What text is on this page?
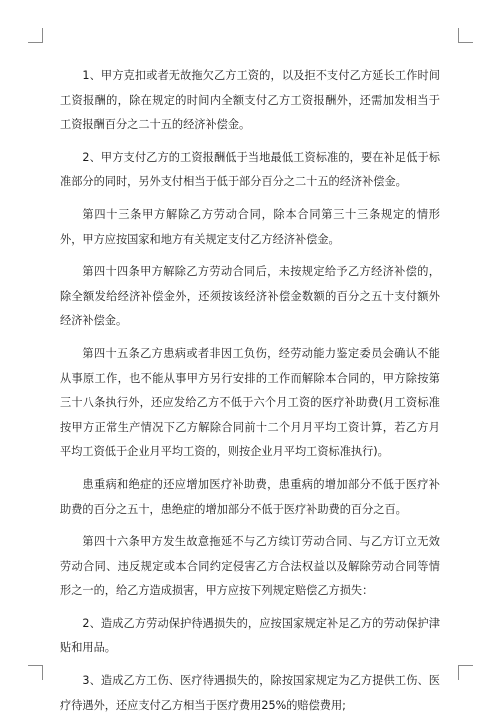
1、甲方克扣或者无故拖欠乙方工资的，以及拒不支付乙方延长工作时间工资报酬的，除在规定的时间内全额支付乙方工资报酬外，还需加发相当于工资报酬百分之二十五的经济补偿金。

2、甲方支付乙方的工资报酬低于当地最低工资标准的，要在补足低于标准部分的同时，另外支付相当于低于部分百分之二十五的经济补偿金。

第四十三条甲方解除乙方劳动合同，除本合同第三十三条规定的情形外，甲方应按国家和地方有关规定支付乙方经济补偿金。

第四十四条甲方解除乙方劳动合同后，未按规定给予乙方经济补偿的，除全额发给经济补偿金外，还须按该经济补偿金数额的百分之五十支付额外经济补偿金。

第四十五条乙方患病或者非因工负伤，经劳动能力鉴定委员会确认不能从事原工作，也不能从事甲方另行安排的工作而解除本合同的，甲方除按第三十八条执行外，还应发给乙方不低于六个月工资的医疗补助费(月工资标准按甲方正常生产情况下乙方解除合同前十二个月月平均工资计算，若乙方月平均工资低于企业月平均工资的，则按企业月平均工资标准执行)。

患重病和绝症的还应增加医疗补助费，患重病的增加部分不低于医疗补助费的百分之五十，患绝症的增加部分不低于医疗补助费的百分之百。

第四十六条甲方发生故意拖延不与乙方续订劳动合同、与乙方订立无效劳动合同、违反规定或本合同约定侵害乙方合法权益以及解除劳动合同等情形之一的，给乙方造成损害，甲方应按下列规定赔偿乙方损失：

2、造成乙方劳动保护待遇损失的，应按国家规定补足乙方的劳动保护津贴和用品。

3、造成乙方工伤、医疗待遇损失的，除按国家规定为乙方提供工伤、医疗待遇外，还应支付乙方相当于医疗费用25%的赔偿费用;
